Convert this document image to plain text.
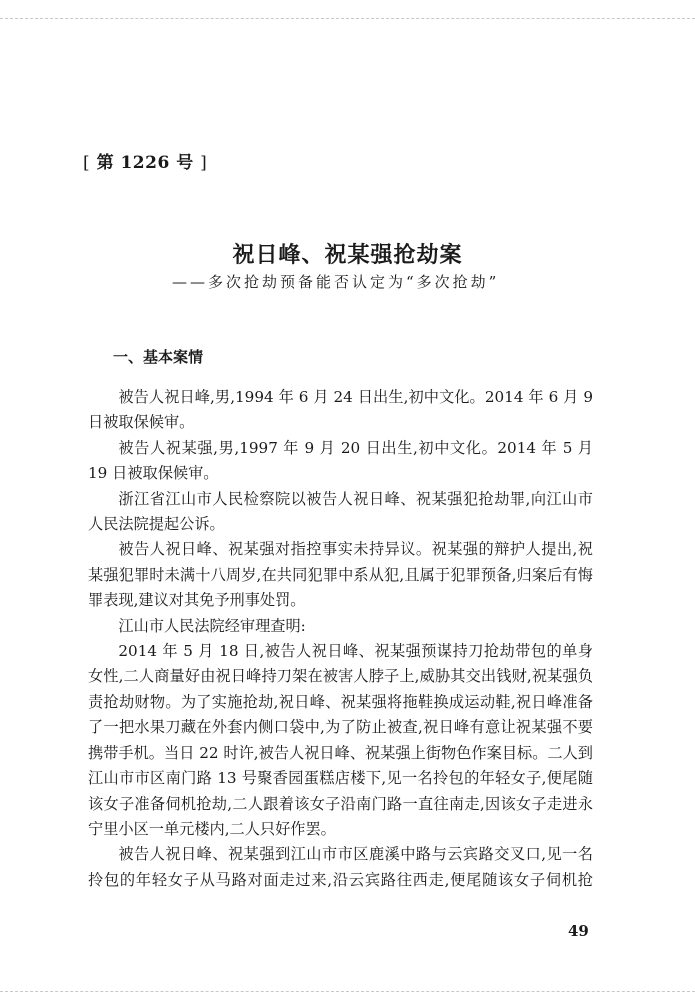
[ 第 1226 号 ]
祝日峰、祝某强抢劫案
——多次抢劫预备能否认定为“多次抢劫”
一、基本案情

被告人祝日峰,男,1994 年 6 月 24 日出生,初中文化。2014 年 6 月 9 日被取保候审。

被告人祝某强,男,1997 年 9 月 20 日出生,初中文化。2014 年 5 月 19 日被取保候审。

浙江省江山市人民检察院以被告人祝日峰、祝某强犯抢劫罪,向江山市人民法院提起公诉。

被告人祝日峰、祝某强对指控事实未持异议。祝某强的辩护人提出,祝某强犯罪时未满十八周岁,在共同犯罪中系从犯,且属于犯罪预备,归案后有悔罪表现,建议对其免予刑事处罚。

江山市人民法院经审理查明:

2014 年 5 月 18 日,被告人祝日峰、祝某强预谋持刀抢劫带包的单身女性,二人商量好由祝日峰持刀架在被害人脖子上,威胁其交出钱财,祝某强负责抢劫财物。为了实施抢劫,祝日峰、祝某强将拖鞋换成运动鞋,祝日峰准备了一把水果刀藏在外套内侧口袋中,为了防止被查,祝日峰有意让祝某强不要携带手机。当日 22 时许,被告人祝日峰、祝某强上街物色作案目标。二人到江山市市区南门路 13 号聚香园蛋糕店楼下,见一名拎包的年轻女子,便尾随该女子准备伺机抢劫,二人跟着该女子沿南门路一直往南走,因该女子走进永宁里小区一单元楼内,二人只好作罢。

被告人祝日峰、祝某强到江山市市区鹿溪中路与云宾路交叉口,见一名拎包的年轻女子从马路对面走过来,沿云宾路往西走,便尾随该女子伺机抢

49
